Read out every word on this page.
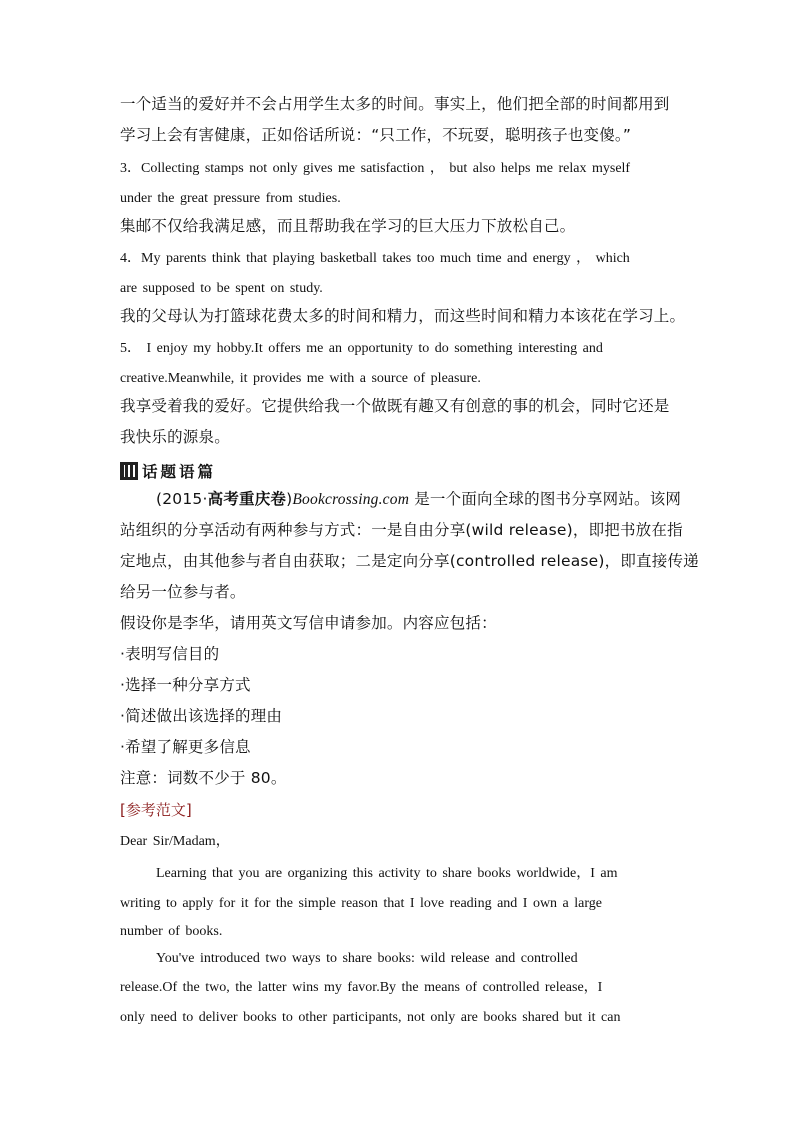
一个适当的爱好并不会占用学生太多的时间。事实上，他们把全部的时间都用到
学习上会有害健康，正如俗话所说：“只工作，不玩耍，聪明孩子也变傻。”
3．Collecting stamps not only gives me satisfaction ， but also helps me relax myself
under the great pressure from studies.
集邮不仅给我满足感，而且帮助我在学习的巨大压力下放松自己。
4．My parents think that playing basketball takes too much time and energy ， which
are supposed to be spent on study.
我的父母认为打篮球花费太多的时间和精力，而这些时间和精力本该花在学习上。
5． I enjoy my hobby.It offers me an opportunity to do something interesting and
creative.Meanwhile, it provides me with a source of pleasure.
我享受着我的爱好。它提供给我一个做既有趣又有创意的事的机会，同时它还是
我快乐的源泉。
话题语篇
(2015·高考重庆卷)Bookcrossing.com 是一个面向全球的图书分享网站。该网
站组织的分享活动有两种参与方式：一是自由分享(wild release)，即把书放在指
定地点，由其他参与者自由获取；二是定向分享(controlled release)，即直接传递
给另一位参与者。
假设你是李华，请用英文写信申请参加。内容应包括：
·表明写信目的
·选择一种分享方式
·简述做出该选择的理由
·希望了解更多信息
注意：词数不少于 80。
[参考范文]
Dear Sir/Madam，
Learning that you are organizing this activity to share books worldwide，I am
writing to apply for it for the simple reason that I love reading and I own a large
number of books.
You've introduced two ways to share books: wild release and controlled
release.Of the two, the latter wins my favor.By the means of controlled release，I
only need to deliver books to other participants, not only are books shared but it can
